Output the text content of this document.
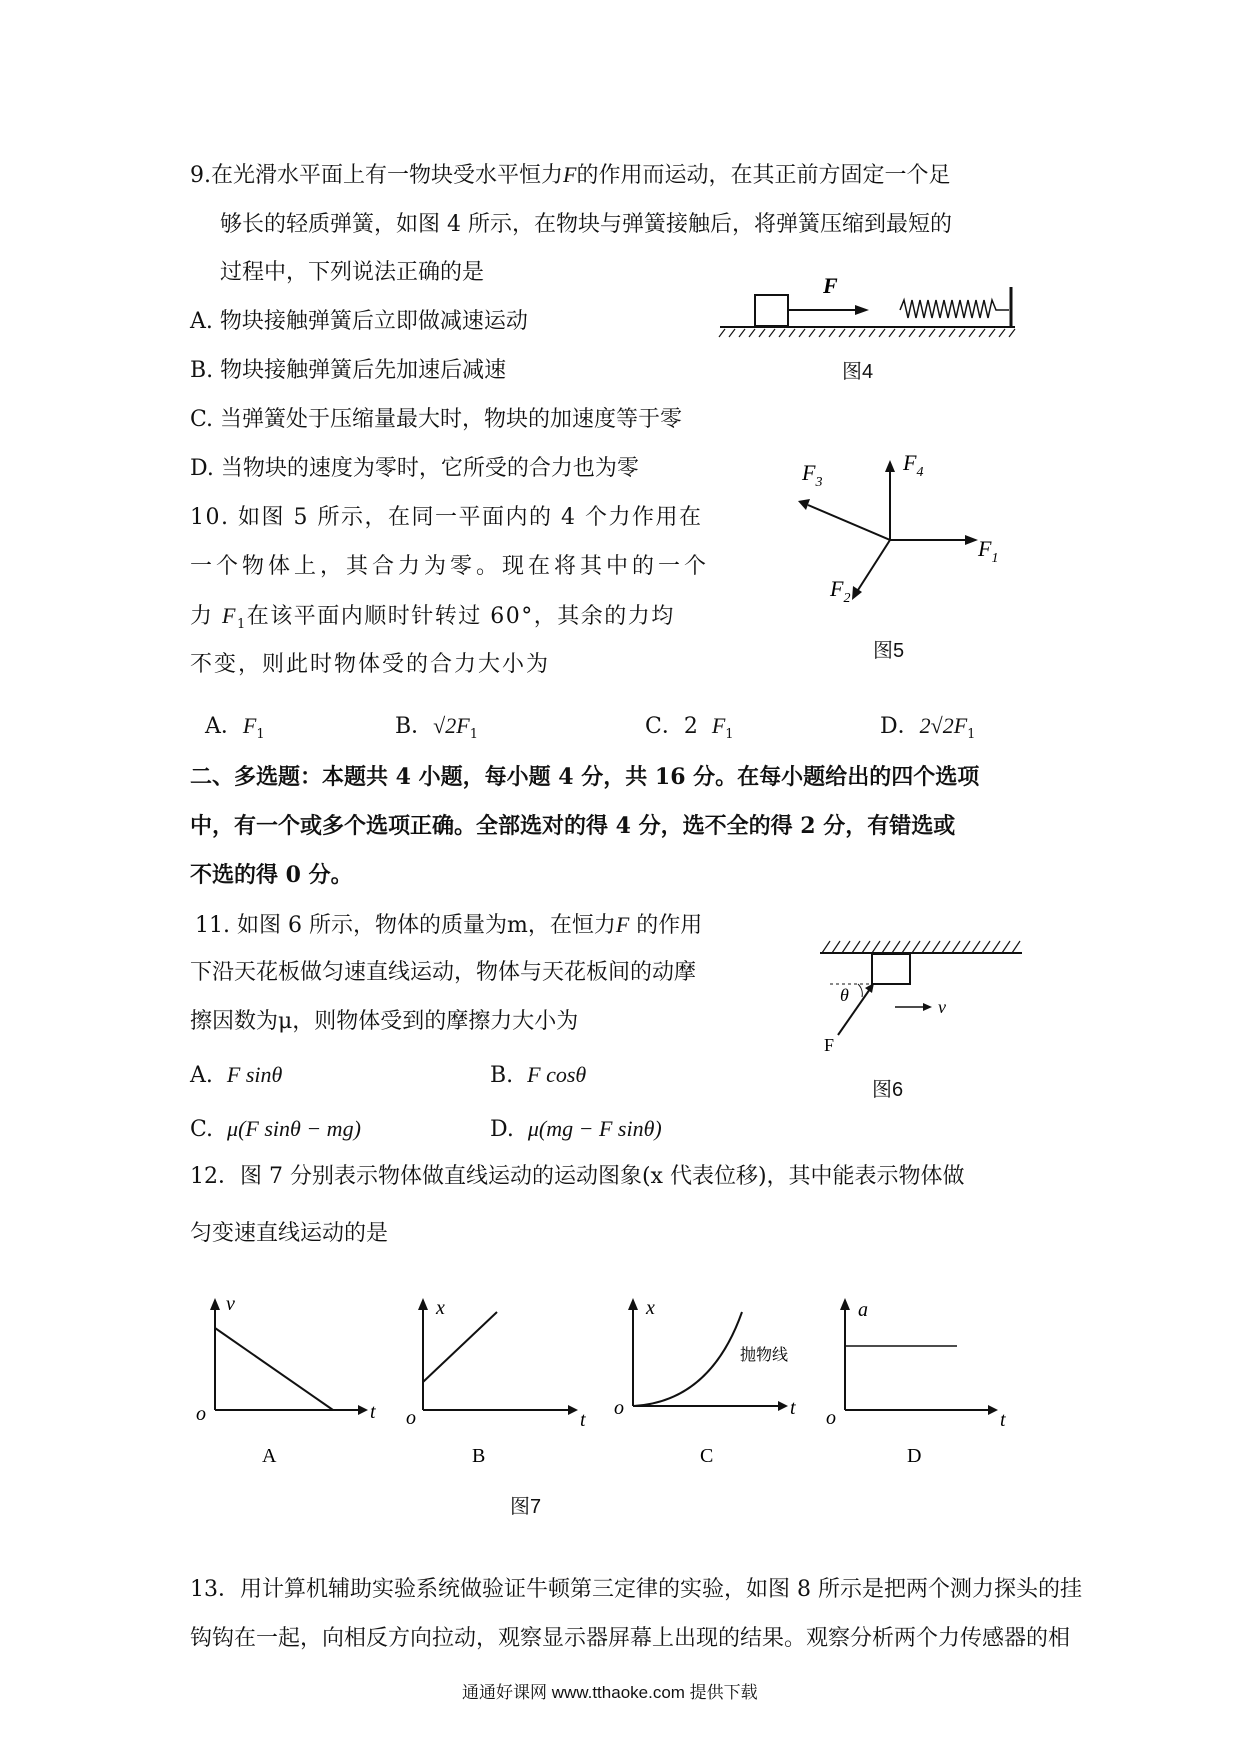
9.在光滑水平面上有一物块受水平恒力F的作用而运动，在其正前方固定一个足
够长的轻质弹簧，如图 4 所示，在物块与弹簧接触后，将弹簧压缩到最短的
过程中，下列说法正确的是
A. 物块接触弹簧后立即做减速运动
B. 物块接触弹簧后先加速后减速
C. 当弹簧处于压缩量最大时，物块的加速度等于零
D. 当物块的速度为零时，它所受的合力也为零
F
图4
10. 如图 5 所示，在同一平面内的 4 个力作用在
一个物体上，其合力为零。现在将其中的一个
力 $F_1$在该平面内顺时针转过 60°，其余的力均
不变，则此时物体受的合力大小为
A．$F_1$	B．$√2F_1$	C．2 $F_1$	D．$2√2F_1$
$F_1$
$F_4$
$F_3$
$F_2$
图5
二、多选题：本题共 4 小题，每小题 4 分，共 16 分。在每小题给出的四个选项
中，有一个或多个选项正确。全部选对的得 4 分，选不全的得 2 分，有错选或
不选的得 0 分。
11. 如图 6 所示，物体的质量为m，在恒力F 的作用
下沿天花板做匀速直线运动，物体与天花板间的动摩
擦因数为μ，则物体受到的摩擦力大小为
A. F sinθ	B. F cosθ
C. μ(F sinθ − mg)	D. μ(mg − F sinθ)
θ
v
F
图6
12．图 7 分别表示物体做直线运动的运动图象(x 代表位移)，其中能表示物体做
匀变速直线运动的是
v
t
o
A
x
t
o
B
x
t
o
抛物线
C
a
t
o
D
图7
13．用计算机辅助实验系统做验证牛顿第三定律的实验，如图 8 所示是把两个测力探头的挂
钩钩在一起，向相反方向拉动，观察显示器屏幕上出现的结果。观察分析两个力传感器的相
通通好课网 www.tthaoke.com 提供下载
